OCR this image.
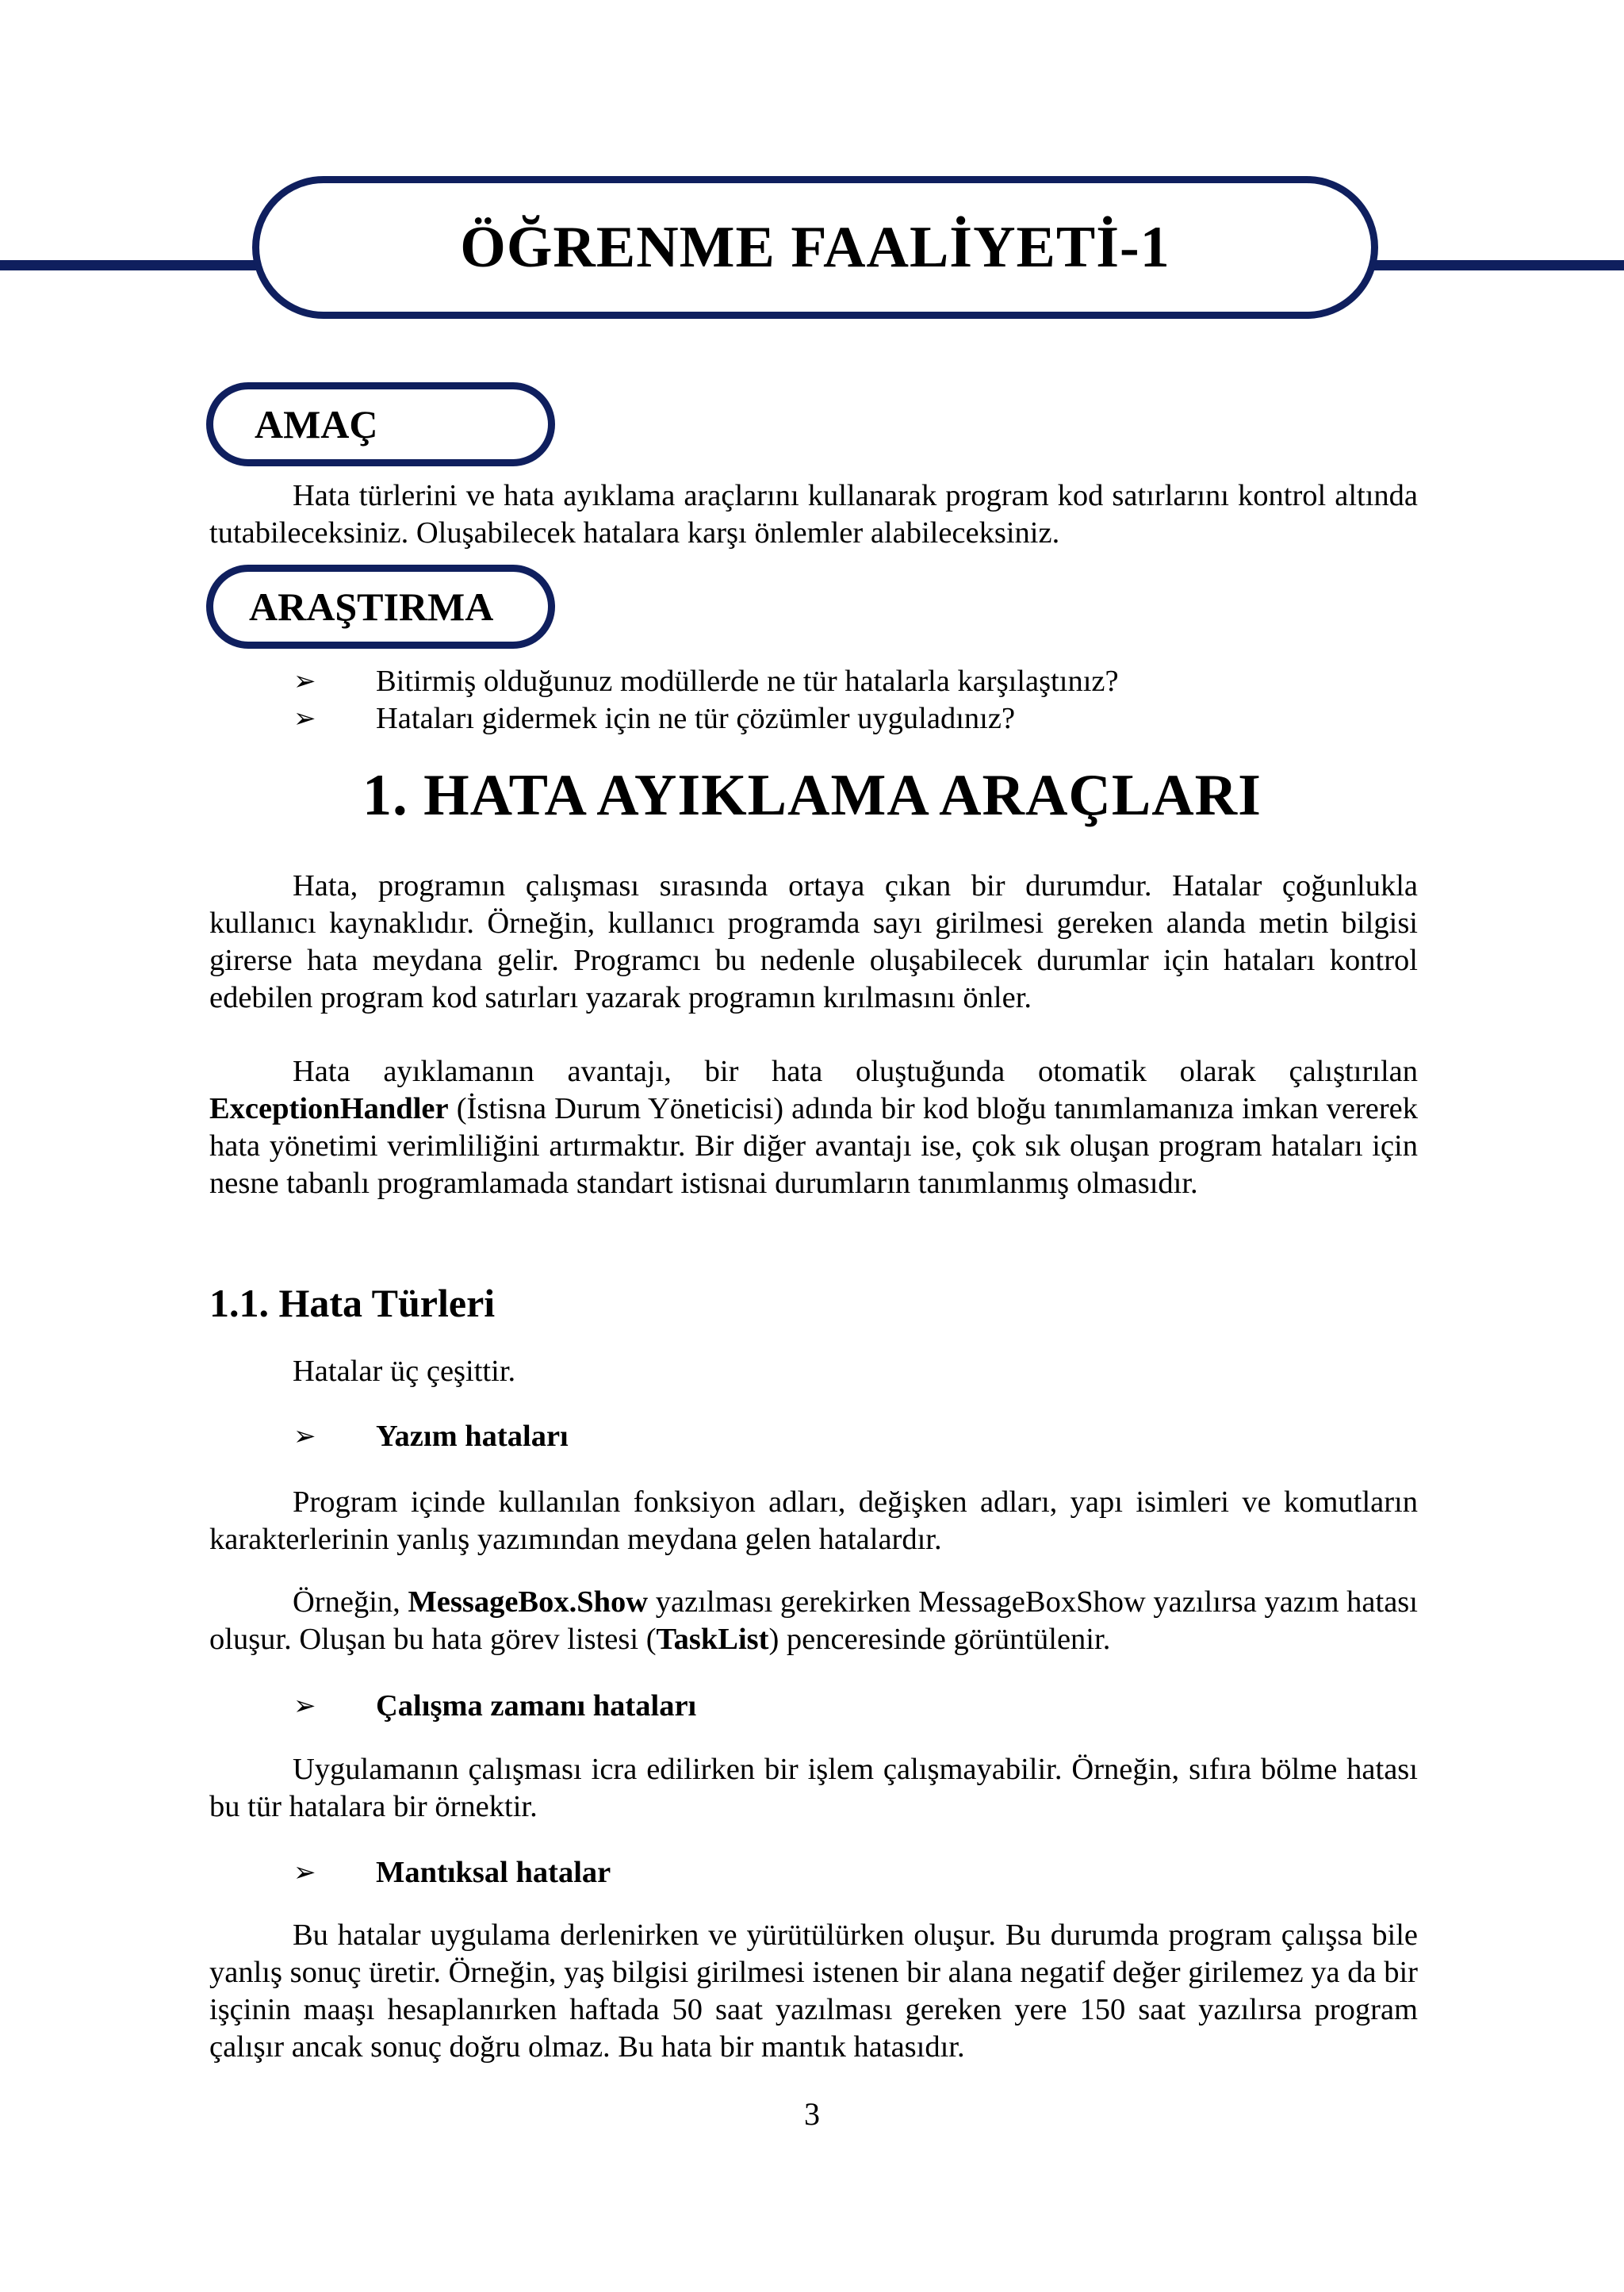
ÖĞRENME FAALİYETİ-1
AMAÇ

Hata türlerini ve hata ayıklama araçlarını kullanarak program kod satırlarını kontrol altında tutabileceksiniz. Oluşabilecek hatalara karşı önlemler alabileceksiniz.

ARAŞTIRMA
➢	Bitirmiş olduğunuz modüllerde ne tür hatalarla karşılaştınız?
➢	Hataları gidermek için ne tür çözümler uyguladınız?
1. HATA AYIKLAMA ARAÇLARI

Hata, programın çalışması sırasında ortaya çıkan bir durumdur. Hatalar çoğunlukla kullanıcı kaynaklıdır. Örneğin, kullanıcı programda sayı girilmesi gereken alanda metin bilgisi girerse hata meydana gelir. Programcı bu nedenle oluşabilecek durumlar için hataları kontrol edebilen program kod satırları yazarak programın kırılmasını önler.

Hata ayıklamanın avantajı, bir hata oluştuğunda otomatik olarak çalıştırılan ExceptionHandler (İstisna Durum Yöneticisi) adında bir kod bloğu tanımlamanıza imkan vererek hata yönetimi verimliliğini artırmaktır. Bir diğer avantajı ise, çok sık oluşan program hataları için nesne tabanlı programlamada standart istisnai durumların tanımlanmış olmasıdır.

1.1. Hata Türleri
Hatalar üç çeşittir.
➢	Yazım hataları

Program içinde kullanılan fonksiyon adları, değişken adları, yapı isimleri ve komutların karakterlerinin yanlış yazımından meydana gelen hatalardır.

Örneğin, MessageBox.Show yazılması gerekirken MessageBoxShow yazılırsa yazım hatası oluşur. Oluşan bu hata görev listesi (TaskList) penceresinde görüntülenir.

➢	Çalışma zamanı hataları

Uygulamanın çalışması icra edilirken bir işlem çalışmayabilir. Örneğin, sıfıra bölme hatası bu tür hatalara bir örnektir.

➢	Mantıksal hatalar

Bu hatalar uygulama derlenirken ve yürütülürken oluşur. Bu durumda program çalışsa bile yanlış sonuç üretir. Örneğin, yaş bilgisi girilmesi istenen bir alana negatif değer girilemez ya da bir işçinin maaşı hesaplanırken haftada 50 saat yazılması gereken yere 150 saat yazılırsa program çalışır ancak sonuç doğru olmaz. Bu hata bir mantık hatasıdır.

3
